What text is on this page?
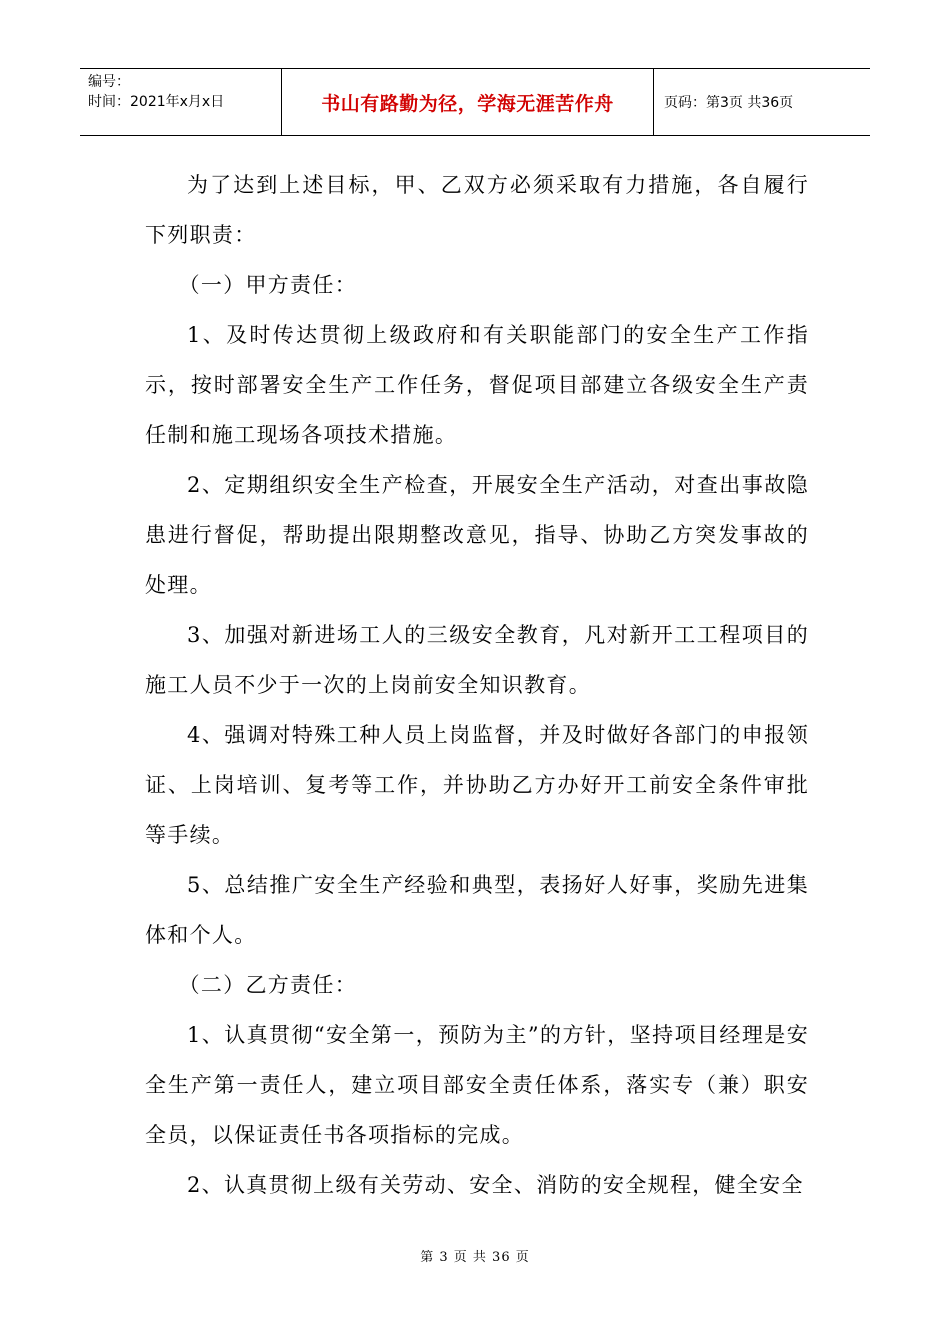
编号：
时间：2021年x月x日	书山有路勤为径，学海无涯苦作舟	页码：第3页 共36页

为了达到上述目标，甲、乙双方必须采取有力措施，各自履行下列职责：

（一）甲方责任：

1、及时传达贯彻上级政府和有关职能部门的安全生产工作指示，按时部署安全生产工作任务，督促项目部建立各级安全生产责任制和施工现场各项技术措施。

2、定期组织安全生产检查，开展安全生产活动，对查出事故隐患进行督促，帮助提出限期整改意见，指导、协助乙方突发事故的处理。

3、加强对新进场工人的三级安全教育，凡对新开工工程项目的施工人员不少于一次的上岗前安全知识教育。

4、强调对特殊工种人员上岗监督，并及时做好各部门的申报领证、上岗培训、复考等工作，并协助乙方办好开工前安全条件审批等手续。

5、总结推广安全生产经验和典型，表扬好人好事，奖励先进集体和个人。

（二）乙方责任：

1、认真贯彻“安全第一，预防为主”的方针，坚持项目经理是安全生产第一责任人，建立项目部安全责任体系，落实专（兼）职安全员，以保证责任书各项指标的完成。

2、认真贯彻上级有关劳动、安全、消防的安全规程，健全安全

第 3 页 共 36 页
